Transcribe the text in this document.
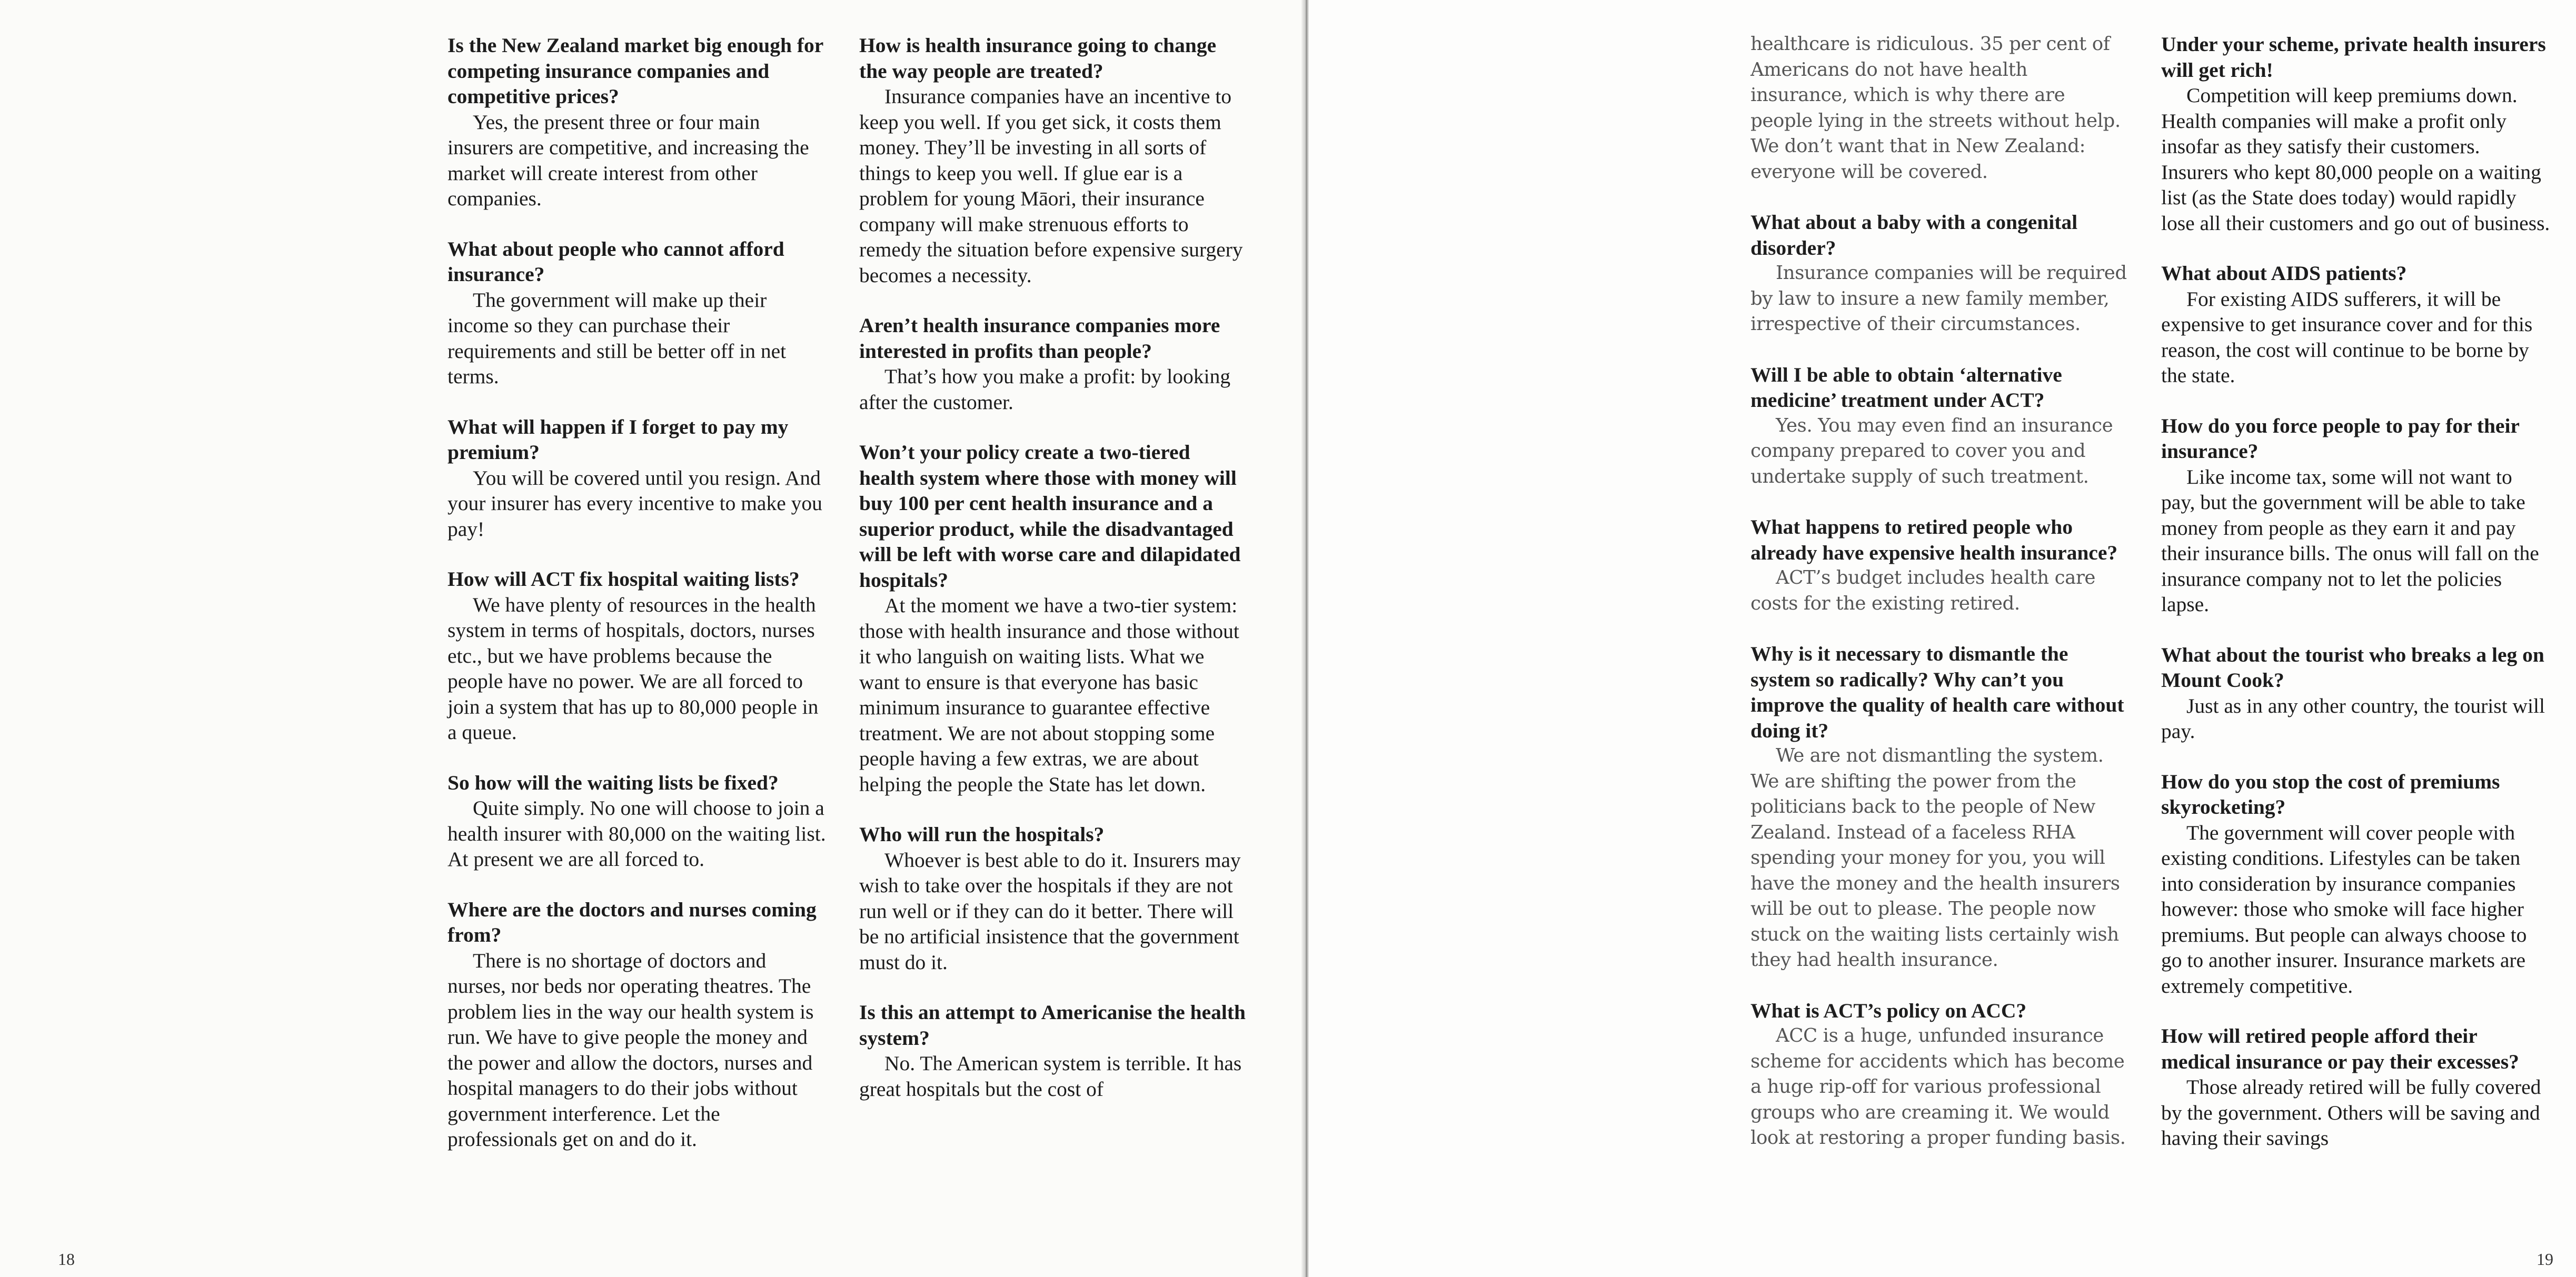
Is the New Zealand market big enough for competing insurance companies and competitive prices?

Yes, the present three or four main insurers are competitive, and increasing the market will create interest from other companies.

What about people who cannot afford insurance?

The government will make up their income so they can purchase their requirements and still be better off in net terms.

What will happen if I forget to pay my premium?

You will be covered until you resign. And your insurer has every incentive to make you pay!

How will ACT fix hospital waiting lists?

We have plenty of resources in the health system in terms of hospitals, doctors, nurses etc., but we have problems because the people have no power. We are all forced to join a system that has up to 80,000 people in a queue.

So how will the waiting lists be fixed?

Quite simply. No one will choose to join a health insurer with 80,000 on the waiting list. At present we are all forced to.

Where are the doctors and nurses coming from?

There is no shortage of doctors and nurses, nor beds nor operating theatres. The problem lies in the way our health system is run. We have to give people the money and the power and allow the doctors, nurses and hospital managers to do their jobs without government interference. Let the professionals get on and do it.

How is health insurance going to change the way people are treated?

Insurance companies have an incentive to keep you well. If you get sick, it costs them money. They’ll be investing in all sorts of things to keep you well. If glue ear is a problem for young Māori, their insurance company will make strenuous efforts to remedy the situation before expensive surgery becomes a necessity.

Aren’t health insurance companies more interested in profits than people?

That’s how you make a profit: by looking after the customer.

Won’t your policy create a two-tiered health system where those with money will buy 100 per cent health insurance and a superior product, while the disadvantaged will be left with worse care and dilapidated hospitals?

At the moment we have a two-tier system: those with health insurance and those without it who languish on waiting lists. What we want to ensure is that everyone has basic minimum insurance to guarantee effective treatment. We are not about stopping some people having a few extras, we are about helping the people the State has let down.

Who will run the hospitals?

Whoever is best able to do it. Insurers may wish to take over the hospitals if they are not run well or if they can do it better. There will be no artificial insistence that the government must do it.

Is this an attempt to Americanise the health system?

No. The American system is terrible. It has great hospitals but the cost of

18

healthcare is ridiculous. 35 per cent of Americans do not have health insurance, which is why there are people lying in the streets without help. We don’t want that in New Zealand: everyone will be covered.

What about a baby with a congenital disorder?

Insurance companies will be required by law to insure a new family member, irrespective of their circumstances.

Will I be able to obtain ‘alternative medicine’ treatment under ACT?

Yes. You may even find an insurance company prepared to cover you and undertake supply of such treatment.

What happens to retired people who already have expensive health insurance?

ACT’s budget includes health care costs for the existing retired.

Why is it necessary to dismantle the system so radically? Why can’t you improve the quality of health care without doing it?

We are not dismantling the system. We are shifting the power from the politicians back to the people of New Zealand. Instead of a faceless RHA spending your money for you, you will have the money and the health insurers will be out to please. The people now stuck on the waiting lists certainly wish they had health insurance.

What is ACT’s policy on ACC?

ACC is a huge, unfunded insurance scheme for accidents which has become a huge rip-off for various professional groups who are creaming it. We would look at restoring a proper funding basis.

Under your scheme, private health insurers will get rich!

Competition will keep premiums down. Health companies will make a profit only insofar as they satisfy their customers. Insurers who kept 80,000 people on a waiting list (as the State does today) would rapidly lose all their customers and go out of business.

What about AIDS patients?

For existing AIDS sufferers, it will be expensive to get insurance cover and for this reason, the cost will continue to be borne by the state.

How do you force people to pay for their insurance?

Like income tax, some will not want to pay, but the government will be able to take money from people as they earn it and pay their insurance bills. The onus will fall on the insurance company not to let the policies lapse.

What about the tourist who breaks a leg on Mount Cook?

Just as in any other country, the tourist will pay.

How do you stop the cost of premiums skyrocketing?

The government will cover people with existing conditions. Lifestyles can be taken into consideration by insurance companies however: those who smoke will face higher premiums. But people can always choose to go to another insurer. Insurance markets are extremely competitive.

How will retired people afford their medical insurance or pay their excesses?

Those already retired will be fully covered by the government. Others will be saving and having their savings

19
